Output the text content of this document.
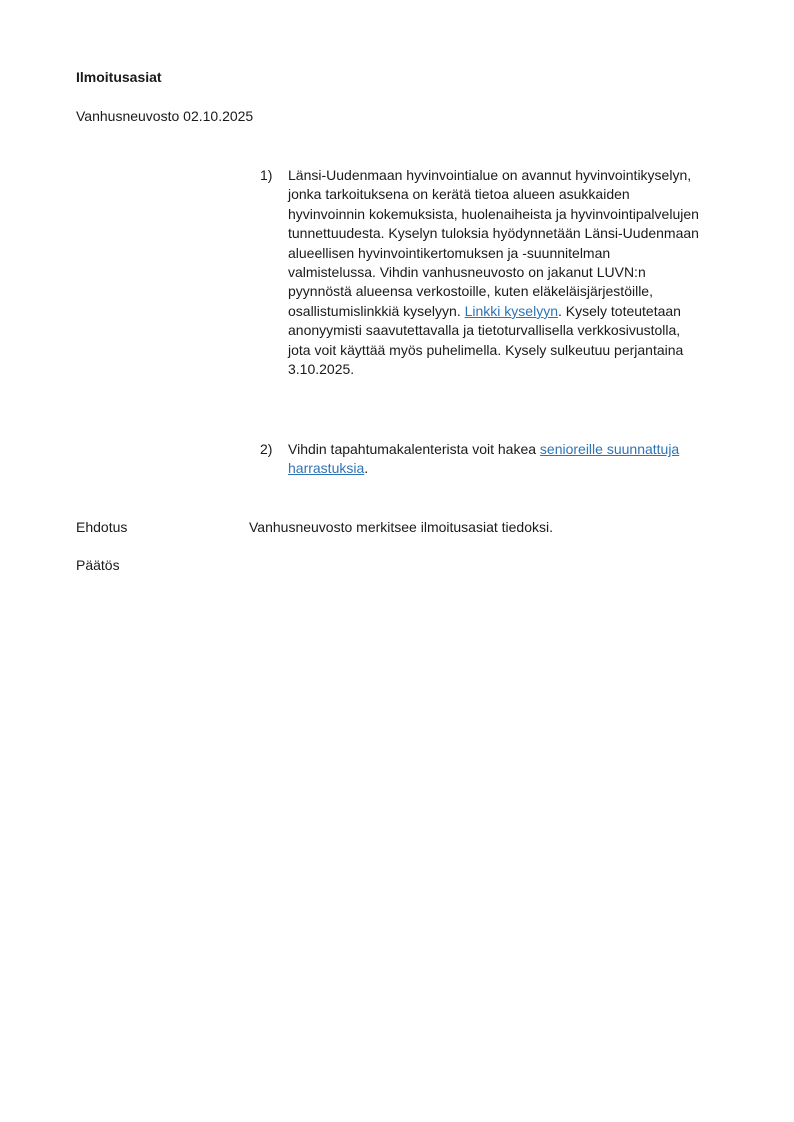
Ilmoitusasiat
Vanhusneuvosto 02.10.2025
1) Länsi-Uudenmaan hyvinvointialue on avannut hyvinvointikyselyn, jonka tarkoituksena on kerätä tietoa alueen asukkaiden hyvinvoinnin kokemuksista, huolenaiheista ja hyvinvointipalvelujen tunnettuudesta. Kyselyn tuloksia hyödynnetään Länsi-Uudenmaan alueellisen hyvinvointikertomuksen ja -suunnitelman valmistelussa. Vihdin vanhusneuvosto on jakanut LUVN:n pyynnöstä alueensa verkostoille, kuten eläkeläisjärjestöille, osallistumislinkkiä kyselyyn. Linkki kyselyyn. Kysely toteutetaan anonyymisti saavutettavalla ja tietoturvallisella verkkosivustolla, jota voit käyttää myös puhelimella. Kysely sulkeutuu perjantaina 3.10.2025.
2) Vihdin tapahtumakalenterista voit hakea senioreille suunnattuja harrastuksia.
Ehdotus	Vanhusneuvosto merkitsee ilmoitusasiat tiedoksi.
Päätös
